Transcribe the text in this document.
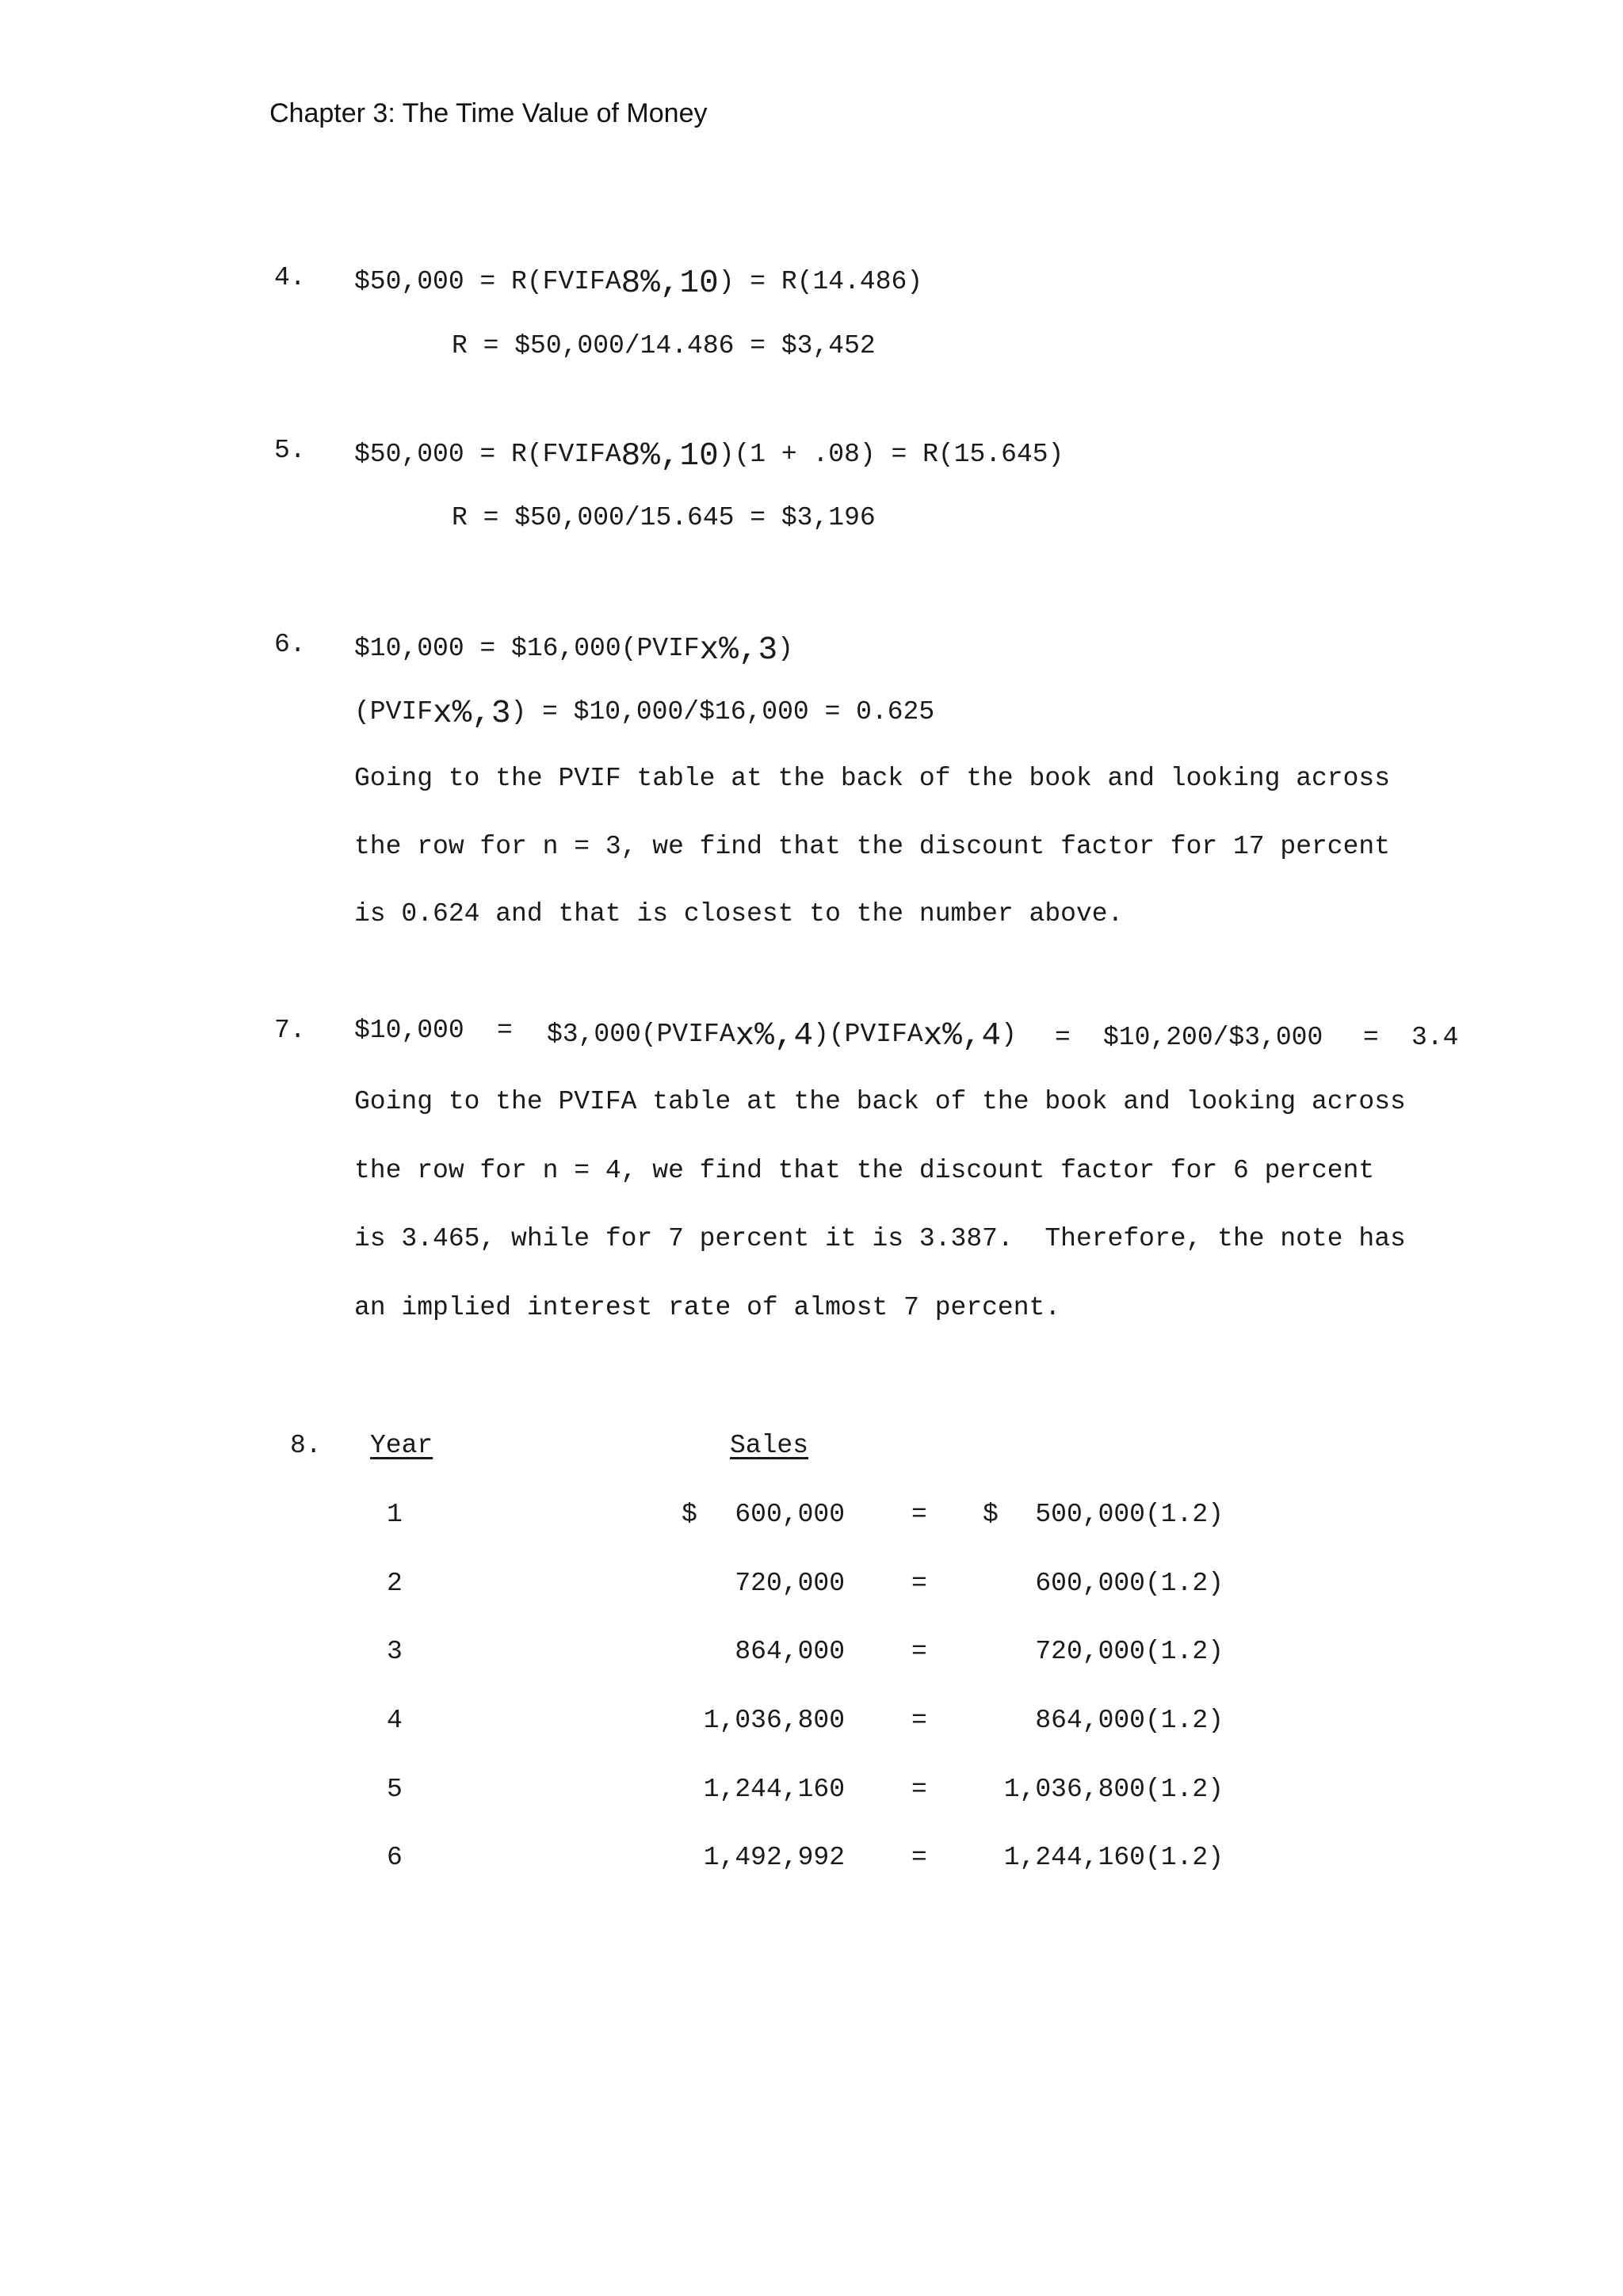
Chapter 3: The Time Value of Money
4. $50,000 = R(FVIFA8%,10) = R(14.486)
R = $50,000/14.486 = $3,452
5. $50,000 = R(FVIFA8%,10)(1 + .08) = R(15.645)
R = $50,000/15.645 = $3,196
6. $10,000 = $16,000(PVIFx%,3)
(PVIFx%,3) = $10,000/$16,000 = 0.625
Going to the PVIF table at the back of the book and looking across
the row for n = 3, we find that the discount factor for 17 percent
is 0.624 and that is closest to the number above.
7. $10,000 = $3,000(PVIFAx%,4)(PVIFAx%,4) = $10,200/$3,000 = 3.4
Going to the PVIFA table at the back of the book and looking across
the row for n = 4, we find that the discount factor for 6 percent
is 3.465, while for 7 percent it is 3.387.  Therefore, the note has
an implied interest rate of almost 7 percent.
8. Year	Sales
1	$ 600,000	= $ 500,000(1.2)
2	720,000	=	600,000(1.2)
3	864,000	=	720,000(1.2)
4	1,036,800	=	864,000(1.2)
5	1,244,160	=	1,036,800(1.2)
6	1,492,992	=	1,244,160(1.2)
